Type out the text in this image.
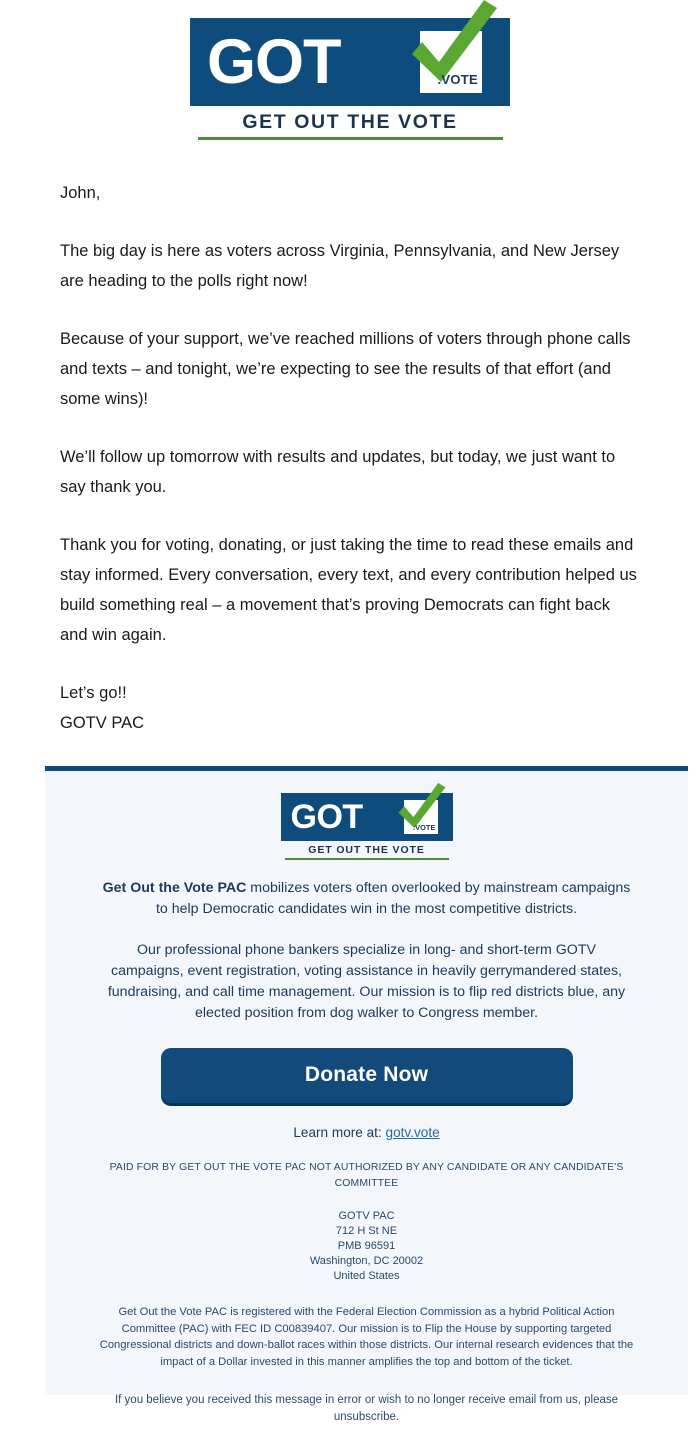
GOT	.VOTE
GET OUT THE VOTE

John,

The big day is here as voters across Virginia, Pennsylvania, and New Jersey are heading to the polls right now!

Because of your support, we’ve reached millions of voters through phone calls and texts – and tonight, we’re expecting to see the results of that effort (and some wins)!

We’ll follow up tomorrow with results and updates, but today, we just want to say thank you.

Thank you for voting, donating, or just taking the time to read these emails and stay informed. Every conversation, every text, and every contribution helped us build something real – a movement that’s proving Democrats can fight back and win again.

Let’s go!!
GOTV PAC

GOT	.VOTE
GET OUT THE VOTE

Get Out the Vote PAC mobilizes voters often overlooked by mainstream campaigns to help Democratic candidates win in the most competitive districts.

Our professional phone bankers specialize in long- and short-term GOTV campaigns, event registration, voting assistance in heavily gerrymandered states, fundraising, and call time management. Our mission is to flip red districts blue, any elected position from dog walker to Congress member.

Donate Now
Learn more at: gotv.vote

PAID FOR BY GET OUT THE VOTE PAC NOT AUTHORIZED BY ANY CANDIDATE OR ANY CANDIDATE'S COMMITTEE

GOTV PAC
712 H St NE
PMB 96591
Washington, DC 20002
United States

Get Out the Vote PAC is registered with the Federal Election Commission as a hybrid Political Action Committee (PAC) with FEC ID C00839407. Our mission is to Flip the House by supporting targeted Congressional districts and down-ballot races within those districts. Our internal research evidences that the impact of a Dollar invested in this manner amplifies the top and bottom of the ticket.

If you believe you received this message in error or wish to no longer receive email from us, please unsubscribe.
